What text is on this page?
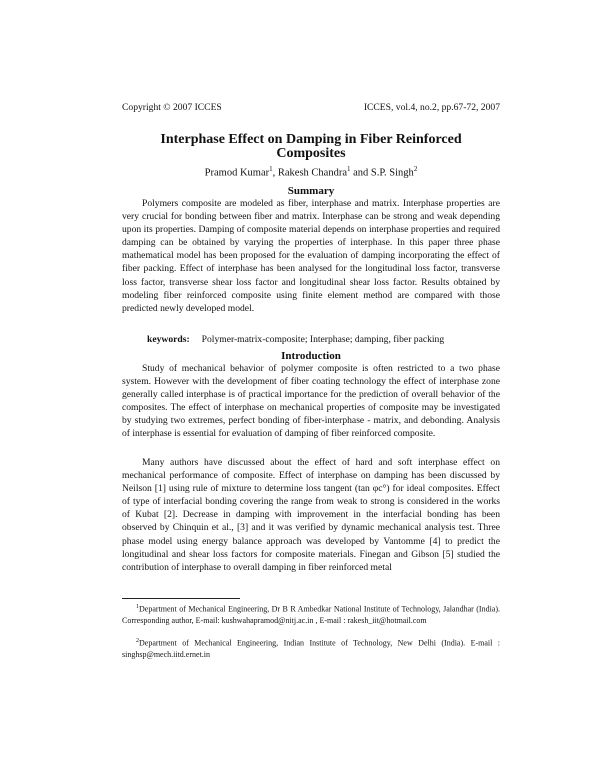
Copyright © 2007 ICCES	ICCES, vol.4, no.2, pp.67-72, 2007
Interphase Effect on Damping in Fiber Reinforced
Composites
Pramod Kumar$^1$, Rakesh Chandra$^1$ and S.P. Singh$^2$
Summary
Polymers composite are modeled as fiber, interphase and matrix. Interphase properties are very crucial for bonding between fiber and matrix. Interphase can be strong and weak depending upon its properties. Damping of composite material depends on interphase properties and required damping can be obtained by varying the properties of interphase. In this paper three phase mathematical model has been proposed for the evaluation of damping incorporating the effect of fiber packing. Effect of interphase has been analysed for the longitudinal loss factor, transverse loss factor, transverse shear loss factor and longitudinal shear loss factor. Results obtained by modeling fiber reinforced composite using finite element method are compared with those predicted newly developed model.
keywords: Polymer-matrix-composite; Interphase; damping, fiber packing
Introduction
Study of mechanical behavior of polymer composite is often restricted to a two phase system. However with the development of fiber coating technology the effect of interphase zone generally called interphase is of practical importance for the prediction of overall behavior of the composites. The effect of interphase on mechanical properties of composite may be investigated by studying two extremes, perfect bonding of fiber-interphase - matrix, and debonding. Analysis of interphase is essential for evaluation of damping of fiber reinforced composite.
Many authors have discussed about the effect of hard and soft interphase effect on mechanical performance of composite. Effect of interphase on damping has been discussed by Neilson [1] using rule of mixture to determine loss tangent (tan φc°) for ideal composites. Effect of type of interfacial bonding covering the range from weak to strong is considered in the works of Kubat [2]. Decrease in damping with improvement in the interfacial bonding has been observed by Chinquin et al., [3] and it was verified by dynamic mechanical analysis test. Three phase model using energy balance approach was developed by Vantomme [4] to predict the longitudinal and shear loss factors for composite materials. Finegan and Gibson [5] studied the contribution of interphase to overall damping in fiber reinforced metal
$^1$Department of Mechanical Engineering, Dr B R Ambedkar National Institute of Technology, Jalandhar (India). Corresponding author, E-mail: kushwahapramod@nitj.ac.in , E-mail : rakesh_iit@hotmail.com
$^2$Department of Mechanical Engineering, Indian Institute of Technology, New Delhi (India). E-mail : singhsp@mech.iitd.ernet.in
